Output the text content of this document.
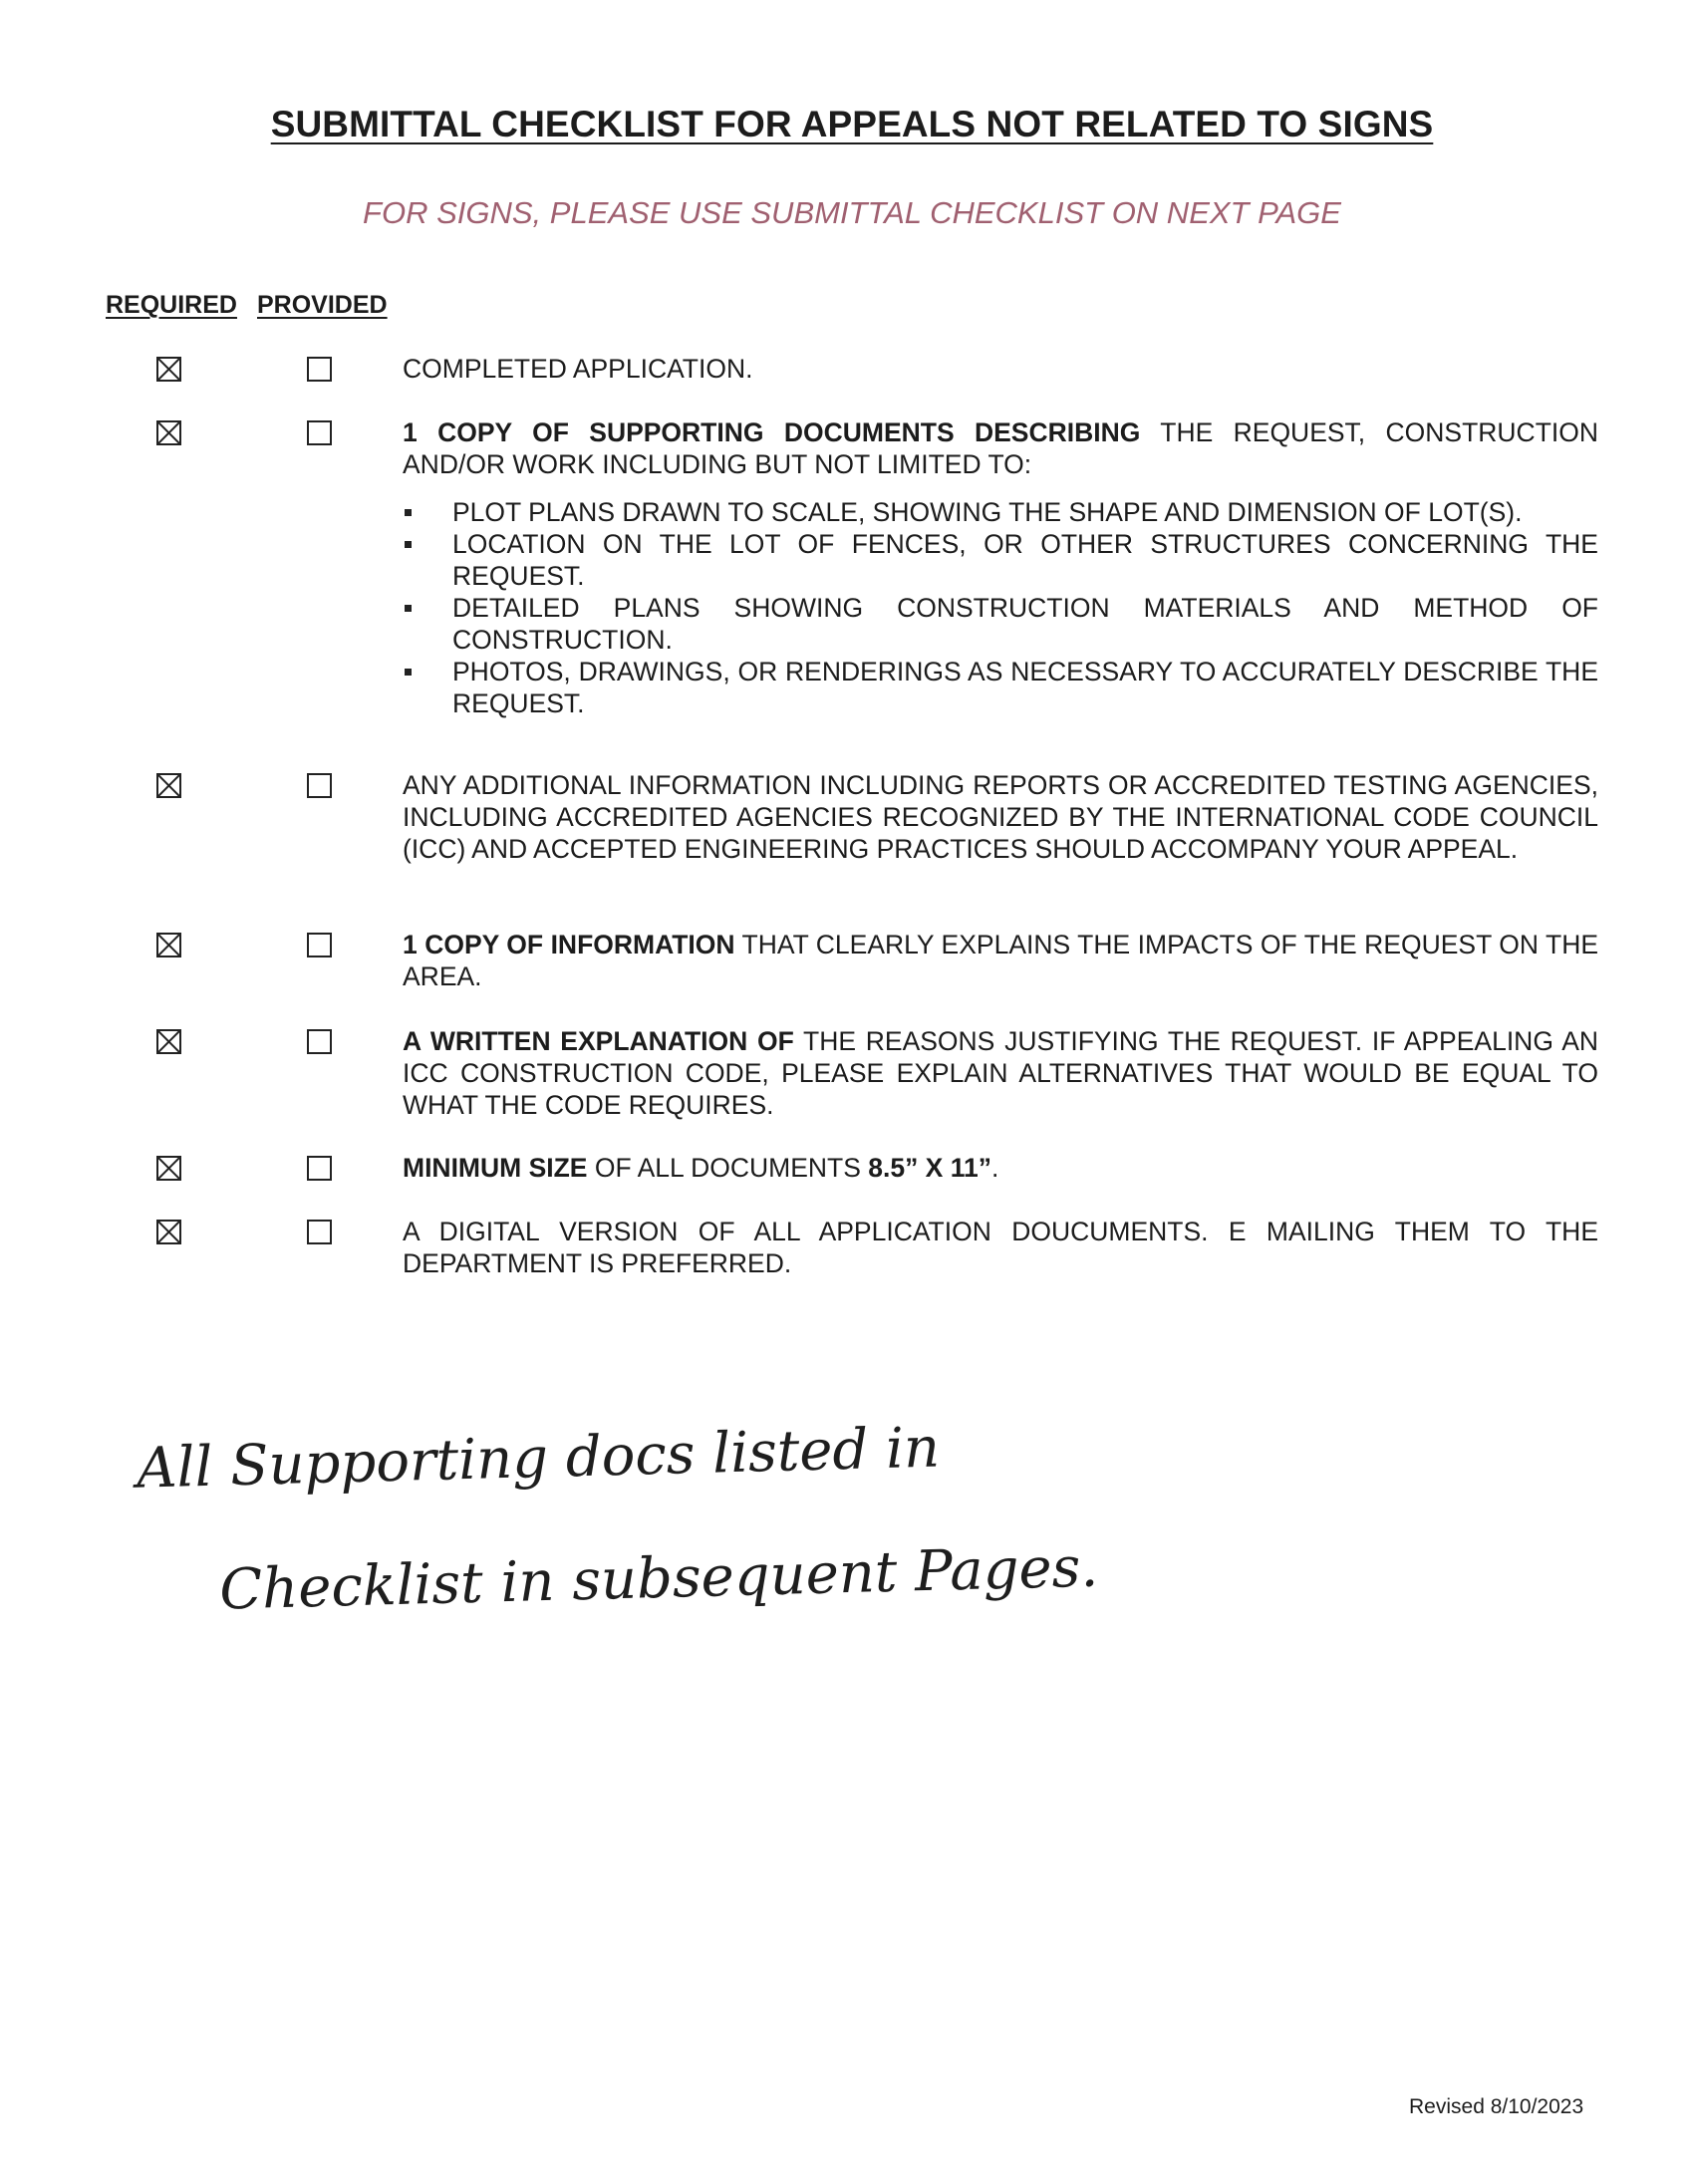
SUBMITTAL CHECKLIST FOR APPEALS NOT RELATED TO SIGNS
FOR SIGNS, PLEASE USE SUBMITTAL CHECKLIST ON NEXT PAGE
REQUIRED PROVIDED
COMPLETED APPLICATION.
1 COPY OF SUPPORTING DOCUMENTS DESCRIBING THE REQUEST, CONSTRUCTION AND/OR WORK INCLUDING BUT NOT LIMITED TO:
PLOT PLANS DRAWN TO SCALE, SHOWING THE SHAPE AND DIMENSION OF LOT(S).
LOCATION ON THE LOT OF FENCES, OR OTHER STRUCTURES CONCERNING THE REQUEST.
DETAILED PLANS SHOWING CONSTRUCTION MATERIALS AND METHOD OF CONSTRUCTION.
PHOTOS, DRAWINGS, OR RENDERINGS AS NECESSARY TO ACCURATELY DESCRIBE THE REQUEST.
ANY ADDITIONAL INFORMATION INCLUDING REPORTS OR ACCREDITED TESTING AGENCIES, INCLUDING ACCREDITED AGENCIES RECOGNIZED BY THE INTERNATIONAL CODE COUNCIL (ICC) AND ACCEPTED ENGINEERING PRACTICES SHOULD ACCOMPANY YOUR APPEAL.
1 COPY OF INFORMATION THAT CLEARLY EXPLAINS THE IMPACTS OF THE REQUEST ON THE AREA.
A WRITTEN EXPLANATION OF THE REASONS JUSTIFYING THE REQUEST. IF APPEALING AN ICC CONSTRUCTION CODE, PLEASE EXPLAIN ALTERNATIVES THAT WOULD BE EQUAL TO WHAT THE CODE REQUIRES.
MINIMUM SIZE OF ALL DOCUMENTS 8.5” X 11”.
A DIGITAL VERSION OF ALL APPLICATION DOUCUMENTS. E MAILING THEM TO THE DEPARTMENT IS PREFERRED.
All Supporting docs listed in
Checklist in subsequent Pages.
Revised 8/10/2023
